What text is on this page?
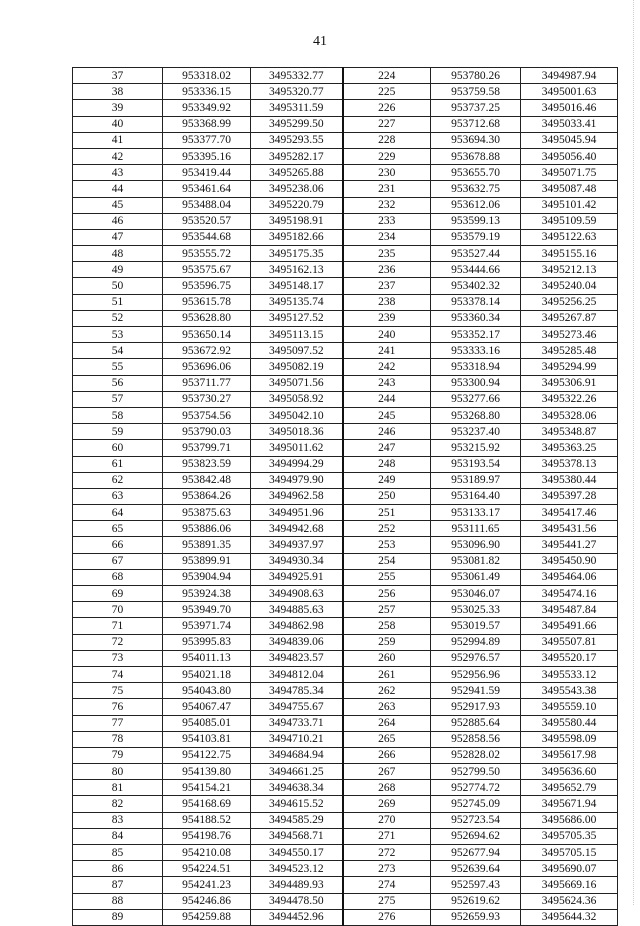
41
37	953318.02	3495332.77	224	953780.26	3494987.94
38	953336.15	3495320.77	225	953759.58	3495001.63
39	953349.92	3495311.59	226	953737.25	3495016.46
40	953368.99	3495299.50	227	953712.68	3495033.41
41	953377.70	3495293.55	228	953694.30	3495045.94
42	953395.16	3495282.17	229	953678.88	3495056.40
43	953419.44	3495265.88	230	953655.70	3495071.75
44	953461.64	3495238.06	231	953632.75	3495087.48
45	953488.04	3495220.79	232	953612.06	3495101.42
46	953520.57	3495198.91	233	953599.13	3495109.59
47	953544.68	3495182.66	234	953579.19	3495122.63
48	953555.72	3495175.35	235	953527.44	3495155.16
49	953575.67	3495162.13	236	953444.66	3495212.13
50	953596.75	3495148.17	237	953402.32	3495240.04
51	953615.78	3495135.74	238	953378.14	3495256.25
52	953628.80	3495127.52	239	953360.34	3495267.87
53	953650.14	3495113.15	240	953352.17	3495273.46
54	953672.92	3495097.52	241	953333.16	3495285.48
55	953696.06	3495082.19	242	953318.94	3495294.99
56	953711.77	3495071.56	243	953300.94	3495306.91
57	953730.27	3495058.92	244	953277.66	3495322.26
58	953754.56	3495042.10	245	953268.80	3495328.06
59	953790.03	3495018.36	246	953237.40	3495348.87
60	953799.71	3495011.62	247	953215.92	3495363.25
61	953823.59	3494994.29	248	953193.54	3495378.13
62	953842.48	3494979.90	249	953189.97	3495380.44
63	953864.26	3494962.58	250	953164.40	3495397.28
64	953875.63	3494951.96	251	953133.17	3495417.46
65	953886.06	3494942.68	252	953111.65	3495431.56
66	953891.35	3494937.97	253	953096.90	3495441.27
67	953899.91	3494930.34	254	953081.82	3495450.90
68	953904.94	3494925.91	255	953061.49	3495464.06
69	953924.38	3494908.63	256	953046.07	3495474.16
70	953949.70	3494885.63	257	953025.33	3495487.84
71	953971.74	3494862.98	258	953019.57	3495491.66
72	953995.83	3494839.06	259	952994.89	3495507.81
73	954011.13	3494823.57	260	952976.57	3495520.17
74	954021.18	3494812.04	261	952956.96	3495533.12
75	954043.80	3494785.34	262	952941.59	3495543.38
76	954067.47	3494755.67	263	952917.93	3495559.10
77	954085.01	3494733.71	264	952885.64	3495580.44
78	954103.81	3494710.21	265	952858.56	3495598.09
79	954122.75	3494684.94	266	952828.02	3495617.98
80	954139.80	3494661.25	267	952799.50	3495636.60
81	954154.21	3494638.34	268	952774.72	3495652.79
82	954168.69	3494615.52	269	952745.09	3495671.94
83	954188.52	3494585.29	270	952723.54	3495686.00
84	954198.76	3494568.71	271	952694.62	3495705.35
85	954210.08	3494550.17	272	952677.94	3495705.15
86	954224.51	3494523.12	273	952639.64	3495690.07
87	954241.23	3494489.93	274	952597.43	3495669.16
88	954246.86	3494478.50	275	952619.62	3495624.36
89	954259.88	3494452.96	276	952659.93	3495644.32
